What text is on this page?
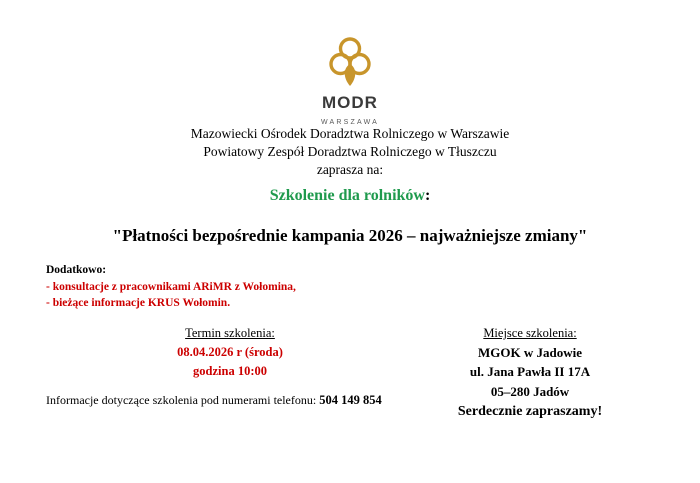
MODR
WARSZAWA
Mazowiecki Ośrodek Doradztwa Rolniczego w Warszawie
Powiatowy Zespół Doradztwa Rolniczego w Tłuszczu
zaprasza na:
Szkolenie dla rolników:
"Płatności bezpośrednie kampania 2026 – najważniejsze zmiany"
Dodatkowo:
- konsultacje z pracownikami ARiMR z Wołomina,
- bieżące informacje KRUS Wołomin.
Termin szkolenia:
08.04.2026 r (środa)
godzina 10:00
Miejsce szkolenia:
MGOK w Jadowie
ul. Jana Pawła II 17A
05–280 Jadów
Informacje dotyczące szkolenia pod numerami telefonu: 504 149 854
Serdecznie zapraszamy!
